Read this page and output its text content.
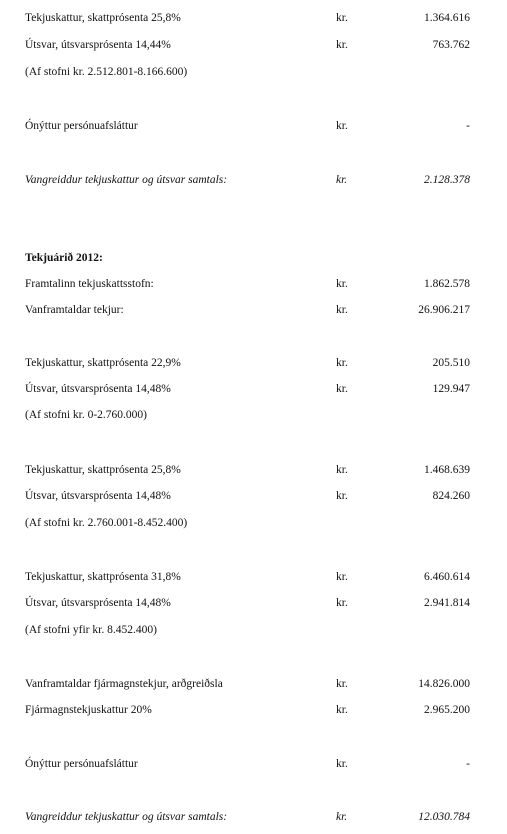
Tekjuskattur, skattprósenta 25,8%	kr.	1.364.616
Útsvar, útsvarsprósenta 14,44%	kr.	763.762
(Af stofni kr. 2.512.801-8.166.600)
Ónýttur persónuafsláttur	kr.	-
Vangreiddur tekjuskattur og útsvar samtals:	kr.	2.128.378
Tekjuárið 2012:
Framtalinn tekjuskattsstofn:	kr.	1.862.578
Vanframtaldar tekjur:	kr.	26.906.217
Tekjuskattur, skattprósenta 22,9%	kr.	205.510
Útsvar, útsvarsprósenta 14,48%	kr.	129.947
(Af stofni kr. 0-2.760.000)
Tekjuskattur, skattprósenta 25,8%	kr.	1.468.639
Útsvar, útsvarsprósenta 14,48%	kr.	824.260
(Af stofni kr. 2.760.001-8.452.400)
Tekjuskattur, skattprósenta 31,8%	kr.	6.460.614
Útsvar, útsvarsprósenta 14,48%	kr.	2.941.814
(Af stofni yfir kr. 8.452.400)
Vanframtaldar fjármagnstekjur, arðgreiðsla	kr.	14.826.000
Fjármagnstekjuskattur 20%	kr.	2.965.200
Ónýttur persónuafsláttur	kr.	-
Vangreiddur tekjuskattur og útsvar samtals:	kr.	12.030.784
